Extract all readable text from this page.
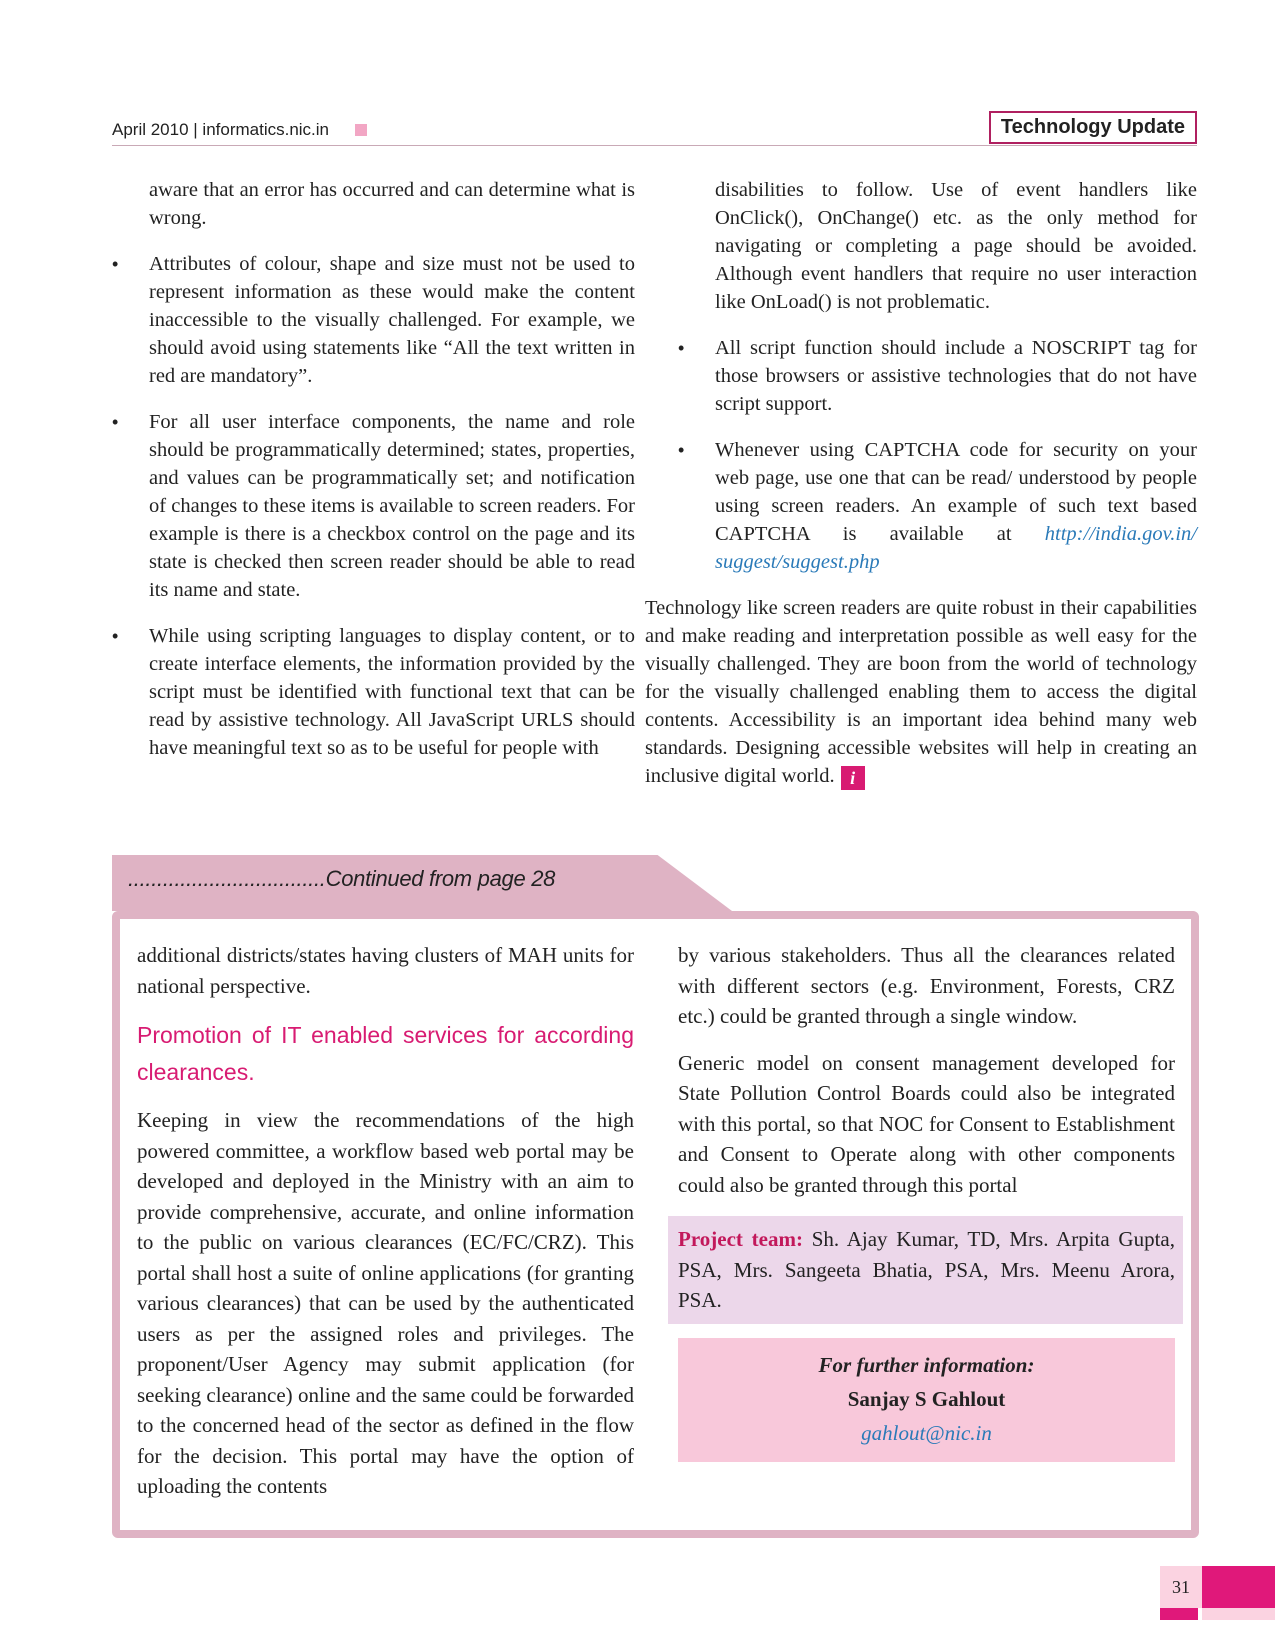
April 2010 | informatics.nic.in	Technology Update

aware that an error has occurred and can determine what is wrong.

• Attributes of colour, shape and size must not be used to represent information as these would make the content inaccessible to the visually challenged. For example, we should avoid using statements like “All the text written in red are mandatory”.
• For all user interface components, the name and role should be programmatically determined; states, properties, and values can be programmatically set; and notification of changes to these items is available to screen readers. For example is there is a checkbox control on the page and its state is checked then screen reader should be able to read its name and state.
• While using scripting languages to display content, or to create interface elements, the information provided by the script must be identified with functional text that can be read by assistive technology. All JavaScript URLS should have meaningful text so as to be useful for people with

disabilities to follow. Use of event handlers like OnClick(), OnChange() etc. as the only method for navigating or completing a page should be avoided. Although event handlers that require no user interaction like OnLoad() is not problematic.

• All script function should include a NOSCRIPT tag for those browsers or assistive technologies that do not have script support.
• Whenever using CAPTCHA code for security on your web page, use one that can be read/ understood by people using screen readers. An example of such text based CAPTCHA is available at http://india.gov.in/ suggest/suggest.php

Technology like screen readers are quite robust in their capabilities and make reading and interpretation possible as well easy for the visually challenged. They are boon from the world of technology for the visually challenged enabling them to access the digital contents. Accessibility is an important idea behind many web standards. Designing accessible websites will help in creating an inclusive digital world. i

..................................Continued from page 28

additional districts/states having clusters of MAH units for national perspective.

Promotion of IT enabled services for according clearances.

Keeping in view the recommendations of the high powered committee, a workflow based web portal may be developed and deployed in the Ministry with an aim to provide comprehensive, accurate, and online information to the public on various clearances (EC/FC/CRZ). This portal shall host a suite of online applications (for granting various clearances) that can be used by the authenticated users as per the assigned roles and privileges. The proponent/User Agency may submit application (for seeking clearance) online and the same could be forwarded to the concerned head of the sector as defined in the flow for the decision. This portal may have the option of uploading the contents

by various stakeholders. Thus all the clearances related with different sectors (e.g. Environment, Forests, CRZ etc.) could be granted through a single window.

Generic model on consent management developed for State Pollution Control Boards could also be integrated with this portal, so that NOC for Consent to Establishment and Consent to Operate along with other components could also be granted through this portal

Project team: Sh. Ajay Kumar, TD, Mrs. Arpita Gupta, PSA, Mrs. Sangeeta Bhatia, PSA, Mrs. Meenu Arora, PSA.
For further information:
Sanjay S Gahlout
gahlout@nic.in
31
